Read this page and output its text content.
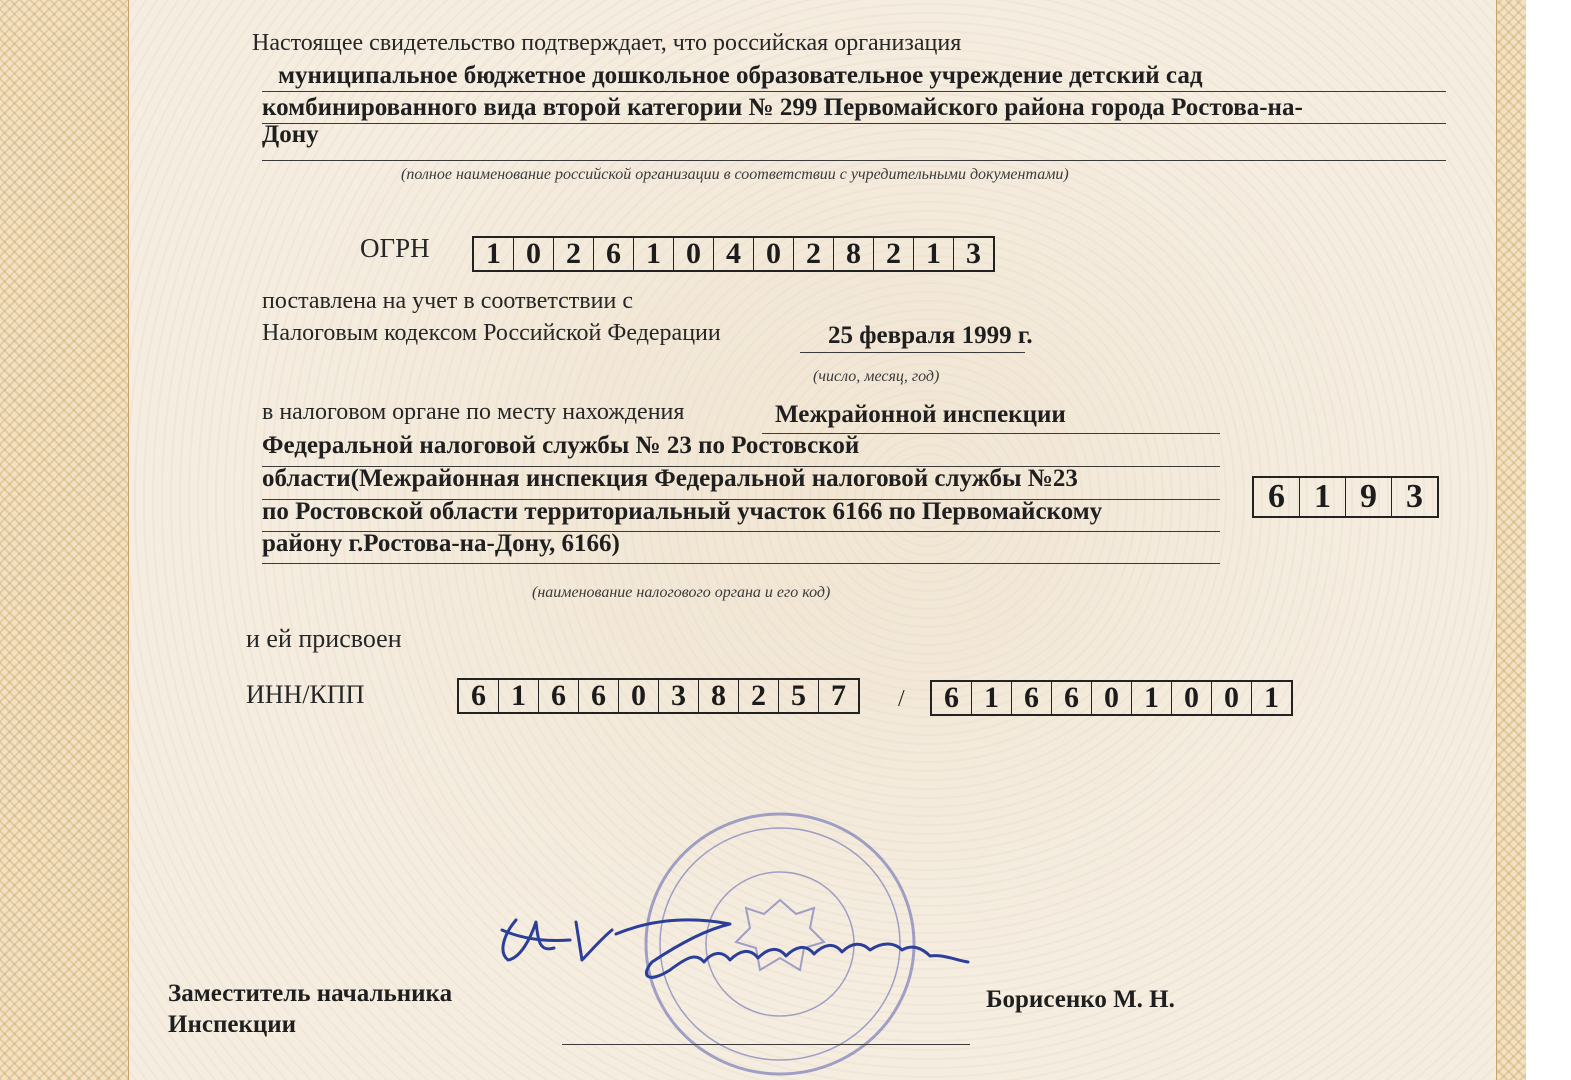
Настоящее свидетельство подтверждает, что российская организация
муниципальное бюджетное дошкольное образовательное учреждение детский сад
комбинированного вида второй категории № 299 Первомайского района города Ростова-на-
Дону
(полное наименование российской организации в соответствии с учредительными документами)
ОГРН	1 0 2 6 1 0 4 0 2 8 2 1 3
поставлена на учет в соответствии с
Налоговым кодексом Российской Федерации	25 февраля 1999 г.
(число, месяц, год)
в налоговом органе по месту нахождения	Межрайонной инспекции
Федеральной налоговой службы № 23 по Ростовской
области(Межрайонная инспекция Федеральной налоговой службы №23
по Ростовской области территориальный участок 6166 по Первомайскому
району г.Ростова-на-Дону, 6166)
6 1 9 3
(наименование налогового органа и его код)
и ей присвоен
ИНН/КПП	6 1 6 6 0 3 8 2 5 7	/	6 1 6 6 0 1 0 0 1
Заместитель начальника
Инспекции
Борисенко М. Н.
